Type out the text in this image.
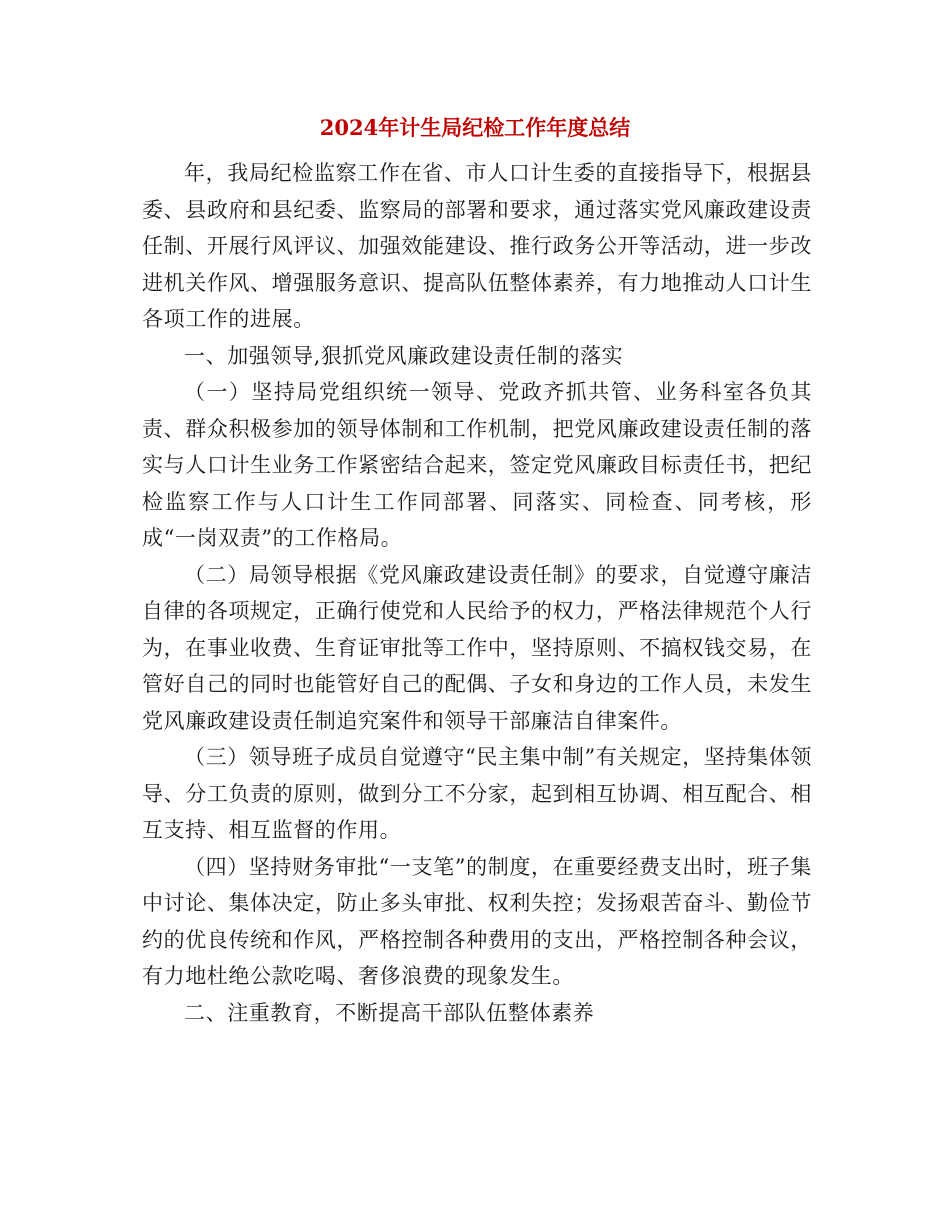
2024年计生局纪检工作年度总结

年，我局纪检监察工作在省、市人口计生委的直接指导下，根据县委、县政府和县纪委、监察局的部署和要求，通过落实党风廉政建设责任制、开展行风评议、加强效能建设、推行政务公开等活动，进一步改进机关作风、增强服务意识、提高队伍整体素养，有力地推动人口计生各项工作的进展。

一、加强领导,狠抓党风廉政建设责任制的落实

（一）坚持局党组织统一领导、党政齐抓共管、业务科室各负其责、群众积极参加的领导体制和工作机制，把党风廉政建设责任制的落实与人口计生业务工作紧密结合起来，签定党风廉政目标责任书，把纪检监察工作与人口计生工作同部署、同落实、同检查、同考核，形成“一岗双责”的工作格局。

（二）局领导根据《党风廉政建设责任制》的要求，自觉遵守廉洁自律的各项规定，正确行使党和人民给予的权力，严格法律规范个人行为，在事业收费、生育证审批等工作中，坚持原则、不搞权钱交易，在管好自己的同时也能管好自己的配偶、子女和身边的工作人员，未发生党风廉政建设责任制追究案件和领导干部廉洁自律案件。

（三）领导班子成员自觉遵守“民主集中制”有关规定，坚持集体领导、分工负责的原则，做到分工不分家，起到相互协调、相互配合、相互支持、相互监督的作用。

（四）坚持财务审批“一支笔”的制度，在重要经费支出时，班子集中讨论、集体决定，防止多头审批、权利失控；发扬艰苦奋斗、勤俭节约的优良传统和作风，严格控制各种费用的支出，严格控制各种会议，有力地杜绝公款吃喝、奢侈浪费的现象发生。

二、注重教育，不断提高干部队伍整体素养
